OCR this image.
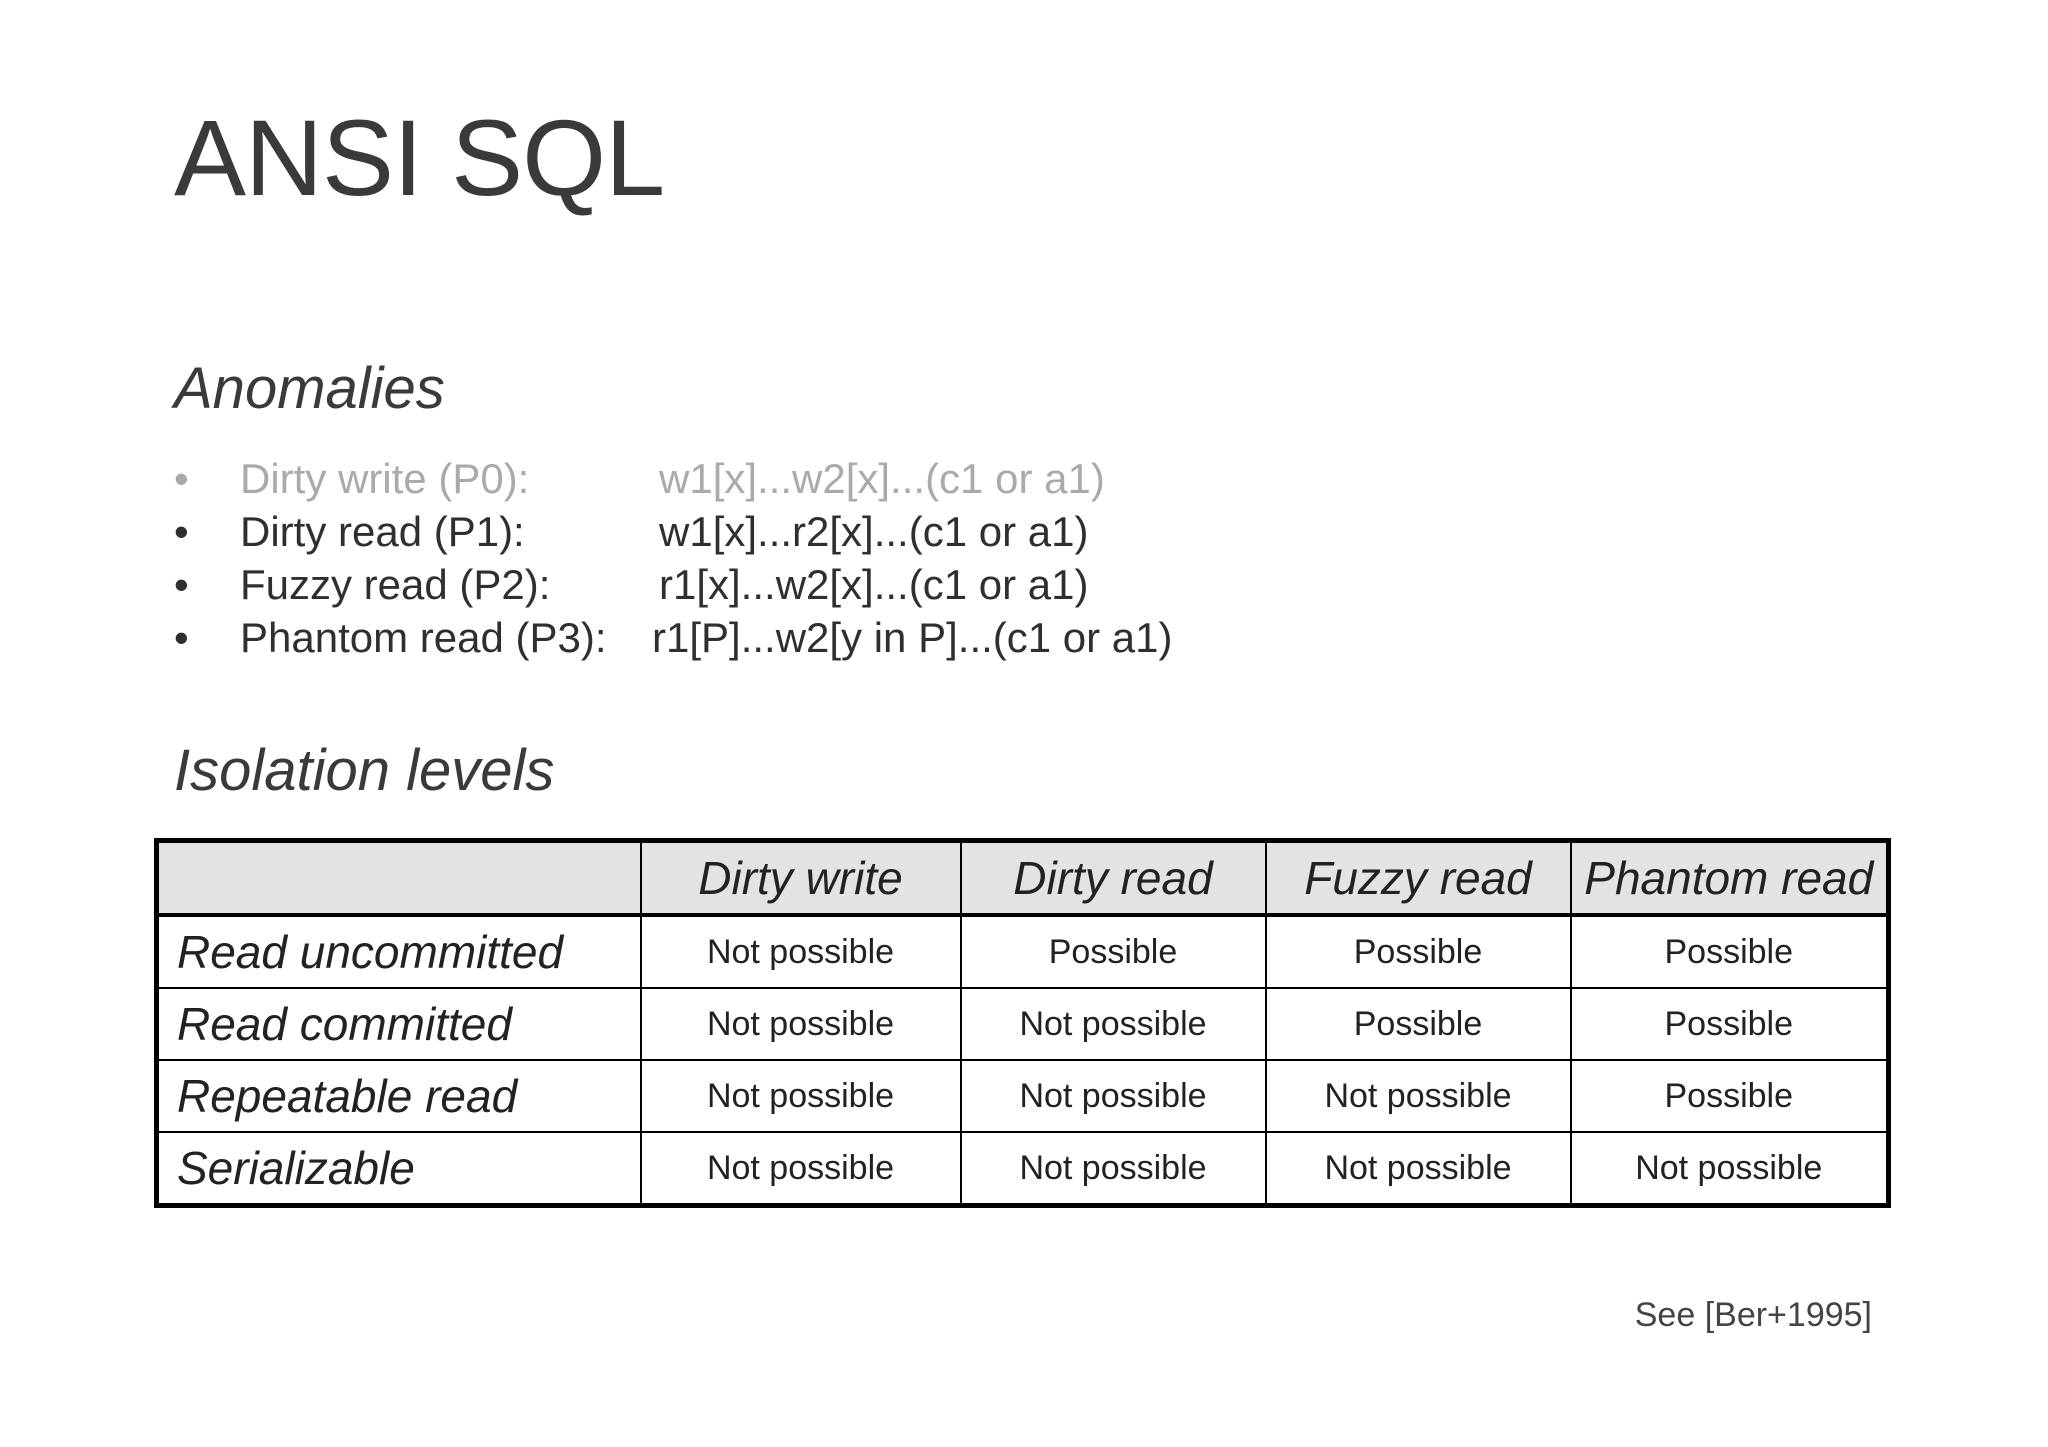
ANSI SQL
Anomalies
• Dirty write (P0):	w1[x]...w2[x]...(c1 or a1)
• Dirty read (P1):	w1[x]...r2[x]...(c1 or a1)
• Fuzzy read (P2):	r1[x]...w2[x]...(c1 or a1)
• Phantom read (P3): r1[P]...w2[y in P]...(c1 or a1)
Isolation levels
	Dirty write	Dirty read	Fuzzy read	Phantom read
Read uncommitted	Not possible	Possible	Possible	Possible
Read committed	Not possible	Not possible	Possible	Possible
Repeatable read	Not possible	Not possible	Not possible	Possible
Serializable	Not possible	Not possible	Not possible	Not possible
See [Ber+1995]
